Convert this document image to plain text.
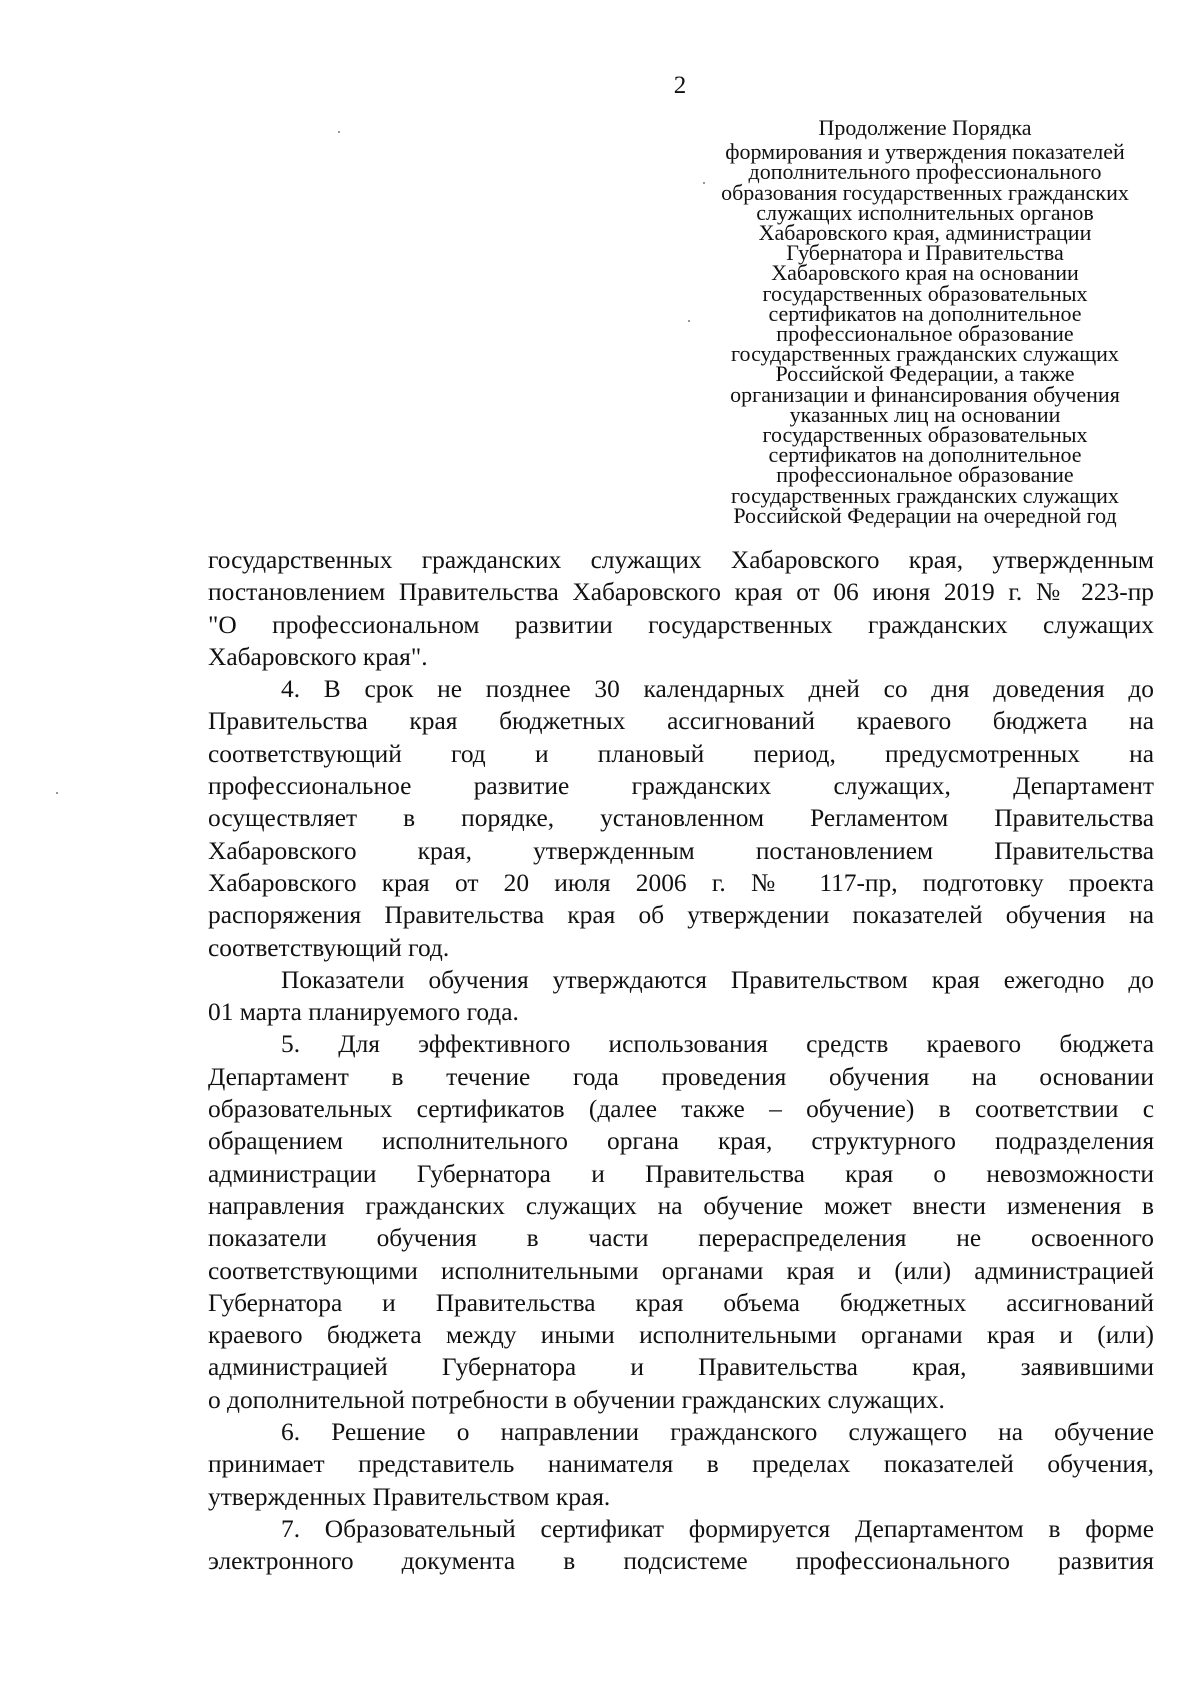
2
Продолжение Порядка
формирования и утверждения показателей
дополнительного профессионального
образования государственных гражданских
служащих исполнительных органов
Хабаровского края, администрации
Губернатора и Правительства
Хабаровского края на основании
государственных образовательных
сертификатов на дополнительное
профессиональное образование
государственных гражданских служащих
Российской Федерации, а также
организации и финансирования обучения
указанных лиц на основании
государственных образовательных
сертификатов на дополнительное
профессиональное образование
государственных гражданских служащих
Российской Федерации на очередной год
государственных гражданских служащих Хабаровского края, утвержденным
постановлением Правительства Хабаровского края от 06 июня 2019 г. № 223-пр
"О профессиональном развитии государственных гражданских служащих
Хабаровского края".
4. В срок не позднее 30 календарных дней со дня доведения до
Правительства края бюджетных ассигнований краевого бюджета на
соответствующий год и плановый период, предусмотренных на
профессиональное развитие гражданских служащих, Департамент
осуществляет в порядке, установленном Регламентом Правительства
Хабаровского края, утвержденным постановлением Правительства
Хабаровского края от 20 июля 2006 г. № 117-пр, подготовку проекта
распоряжения Правительства края об утверждении показателей обучения на
соответствующий год.
Показатели обучения утверждаются Правительством края ежегодно до
01 марта планируемого года.
5. Для эффективного использования средств краевого бюджета
Департамент в течение года проведения обучения на основании
образовательных сертификатов (далее также – обучение) в соответствии с
обращением исполнительного органа края, структурного подразделения
администрации Губернатора и Правительства края о невозможности
направления гражданских служащих на обучение может внести изменения в
показатели обучения в части перераспределения не освоенного
соответствующими исполнительными органами края и (или) администрацией
Губернатора и Правительства края объема бюджетных ассигнований
краевого бюджета между иными исполнительными органами края и (или)
администрацией Губернатора и Правительства края, заявившими
о дополнительной потребности в обучении гражданских служащих.
6. Решение о направлении гражданского служащего на обучение
принимает представитель нанимателя в пределах показателей обучения,
утвержденных Правительством края.
7. Образовательный сертификат формируется Департаментом в форме
электронного документа в подсистеме профессионального развития
